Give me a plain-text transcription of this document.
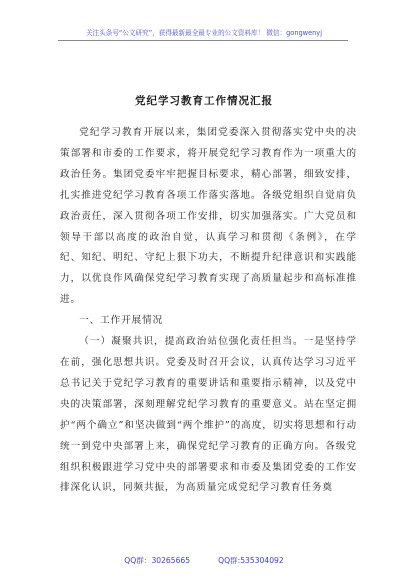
关注头条号“公文研究”，获得最新最全最专业的公文资料库！ 微信：gongwenyj
党纪学习教育工作情况汇报

党纪学习教育开展以来，集团党委深入贯彻落实党中央的决策部署和市委的工作要求，将开展党纪学习教育作为一项重大的政治任务。集团党委牢牢把握目标要求，精心部署，细致安排，扎实推进党纪学习教育各项工作落实落地。各级党组织自觉肩负政治责任，深入贯彻各项工作安排，切实加强落实。广大党员和领导干部以高度的政治自觉，认真学习和贯彻《条例》，在学纪、知纪、明纪、守纪上狠下功夫，不断提升纪律意识和实践能力，以优良作风确保党纪学习教育实现了高质量起步和高标准推进。

一、工作开展情况

（一）凝聚共识，提高政治站位强化责任担当。一是坚持学在前，强化思想共识。党委及时召开会议，认真传达学习习近平总书记关于党纪学习教育的重要讲话和重要指示精神，以及党中央的决策部署，深刻理解党纪学习教育的重要意义。站在坚定拥护“两个确立”和坚决做到“两个维护”的高度，切实将思想和行动统一到党中央部署上来，确保党纪学习教育的正确方向。各级党组织积极跟进学习党中央的部署要求和市委及集团党委的工作安排深化认识，同频共振，为高质量完成党纪学习教育任务奠

QQ群：30265665	QQ群:535304092
